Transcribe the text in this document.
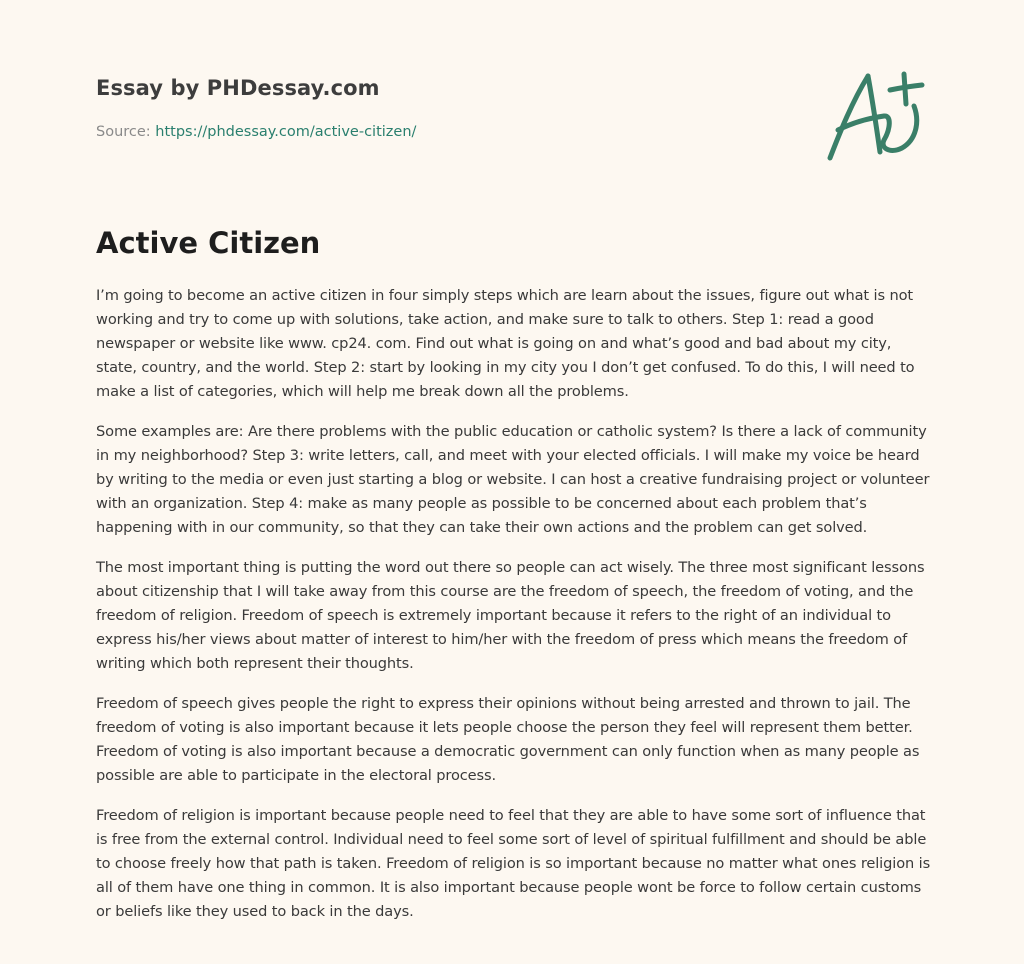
Essay by PHDessay.com
Source: https://phdessay.com/active-citizen/
Active Citizen

I’m going to become an active citizen in four simply steps which are learn about the issues, figure out what is not working and try to come up with solutions, take action, and make sure to talk to others. Step 1: read a good newspaper or website like www. cp24. com. Find out what is going on and what’s good and bad about my city, state, country, and the world. Step 2: start by looking in my city you I don’t get confused. To do this, I will need to make a list of categories, which will help me break down all the problems.

Some examples are: Are there problems with the public education or catholic system? Is there a lack of community in my neighborhood? Step 3: write letters, call, and meet with your elected officials. I will make my voice be heard by writing to the media or even just starting a blog or website. I can host a creative fundraising project or volunteer with an organization. Step 4: make as many people as possible to be concerned about each problem that’s happening with in our community, so that they can take their own actions and the problem can get solved.

The most important thing is putting the word out there so people can act wisely. The three most significant lessons about citizenship that I will take away from this course are the freedom of speech, the freedom of voting, and the freedom of religion. Freedom of speech is extremely important because it refers to the right of an individual to express his/her views about matter of interest to him/her with the freedom of press which means the freedom of writing which both represent their thoughts.

Freedom of speech gives people the right to express their opinions without being arrested and thrown to jail. The freedom of voting is also important because it lets people choose the person they feel will represent them better. Freedom of voting is also important because a democratic government can only function when as many people as possible are able to participate in the electoral process.

Freedom of religion is important because people need to feel that they are able to have some sort of influence that is free from the external control. Individual need to feel some sort of level of spiritual fulfillment and should be able to choose freely how that path is taken. Freedom of religion is so important because no matter what ones religion is all of them have one thing in common. It is also important because people wont be force to follow certain customs or beliefs like they used to back in the days.
